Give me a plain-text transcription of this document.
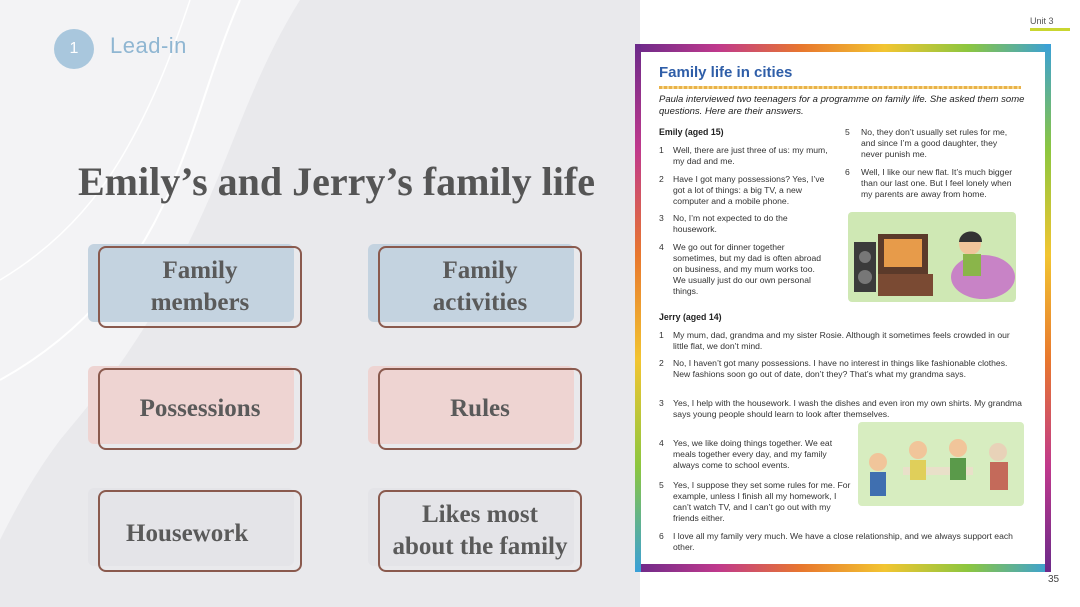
1	Lead-in
Emily’s and Jerry’s family life
Family
members
Family
activities
Possessions	Rules
Housework
Likes most
about the family
Unit 3
Family life in cities
Paula interviewed two teenagers for a programme on family life. She asked them some questions. Here are their answers.
Emily (aged 15)
1 Well, there are just three of us: my mum, my dad and me.
2 Have I got many possessions? Yes, I’ve got a lot of things: a big TV, a new computer and a mobile phone.
3 No, I’m not expected to do the housework.
4 We go out for dinner together sometimes, but my dad is often abroad on business, and my mum works too. We usually just do our own personal things.
5 No, they don’t usually set rules for me, and since I’m a good daughter, they never punish me.
6 Well, I like our new flat. It’s much bigger than our last one. But I feel lonely when my parents are away from home.
Jerry (aged 14)
1 My mum, dad, grandma and my sister Rosie. Although it sometimes feels crowded in our little flat, we don’t mind.
2 No, I haven’t got many possessions. I have no interest in things like fashionable clothes. New fashions soon go out of date, don’t they? That’s what my grandma says.
3 Yes, I help with the housework. I wash the dishes and even iron my own shirts. My grandma says young people should learn to look after themselves.
4 Yes, we like doing things together. We eat meals together every day, and my family always come to school events.
5 Yes, I suppose they set some rules for me. For example, unless I finish all my homework, I can’t watch TV, and I can’t go out with my friends either.
6 I love all my family very much. We have a close relationship, and we always support each other.
35
